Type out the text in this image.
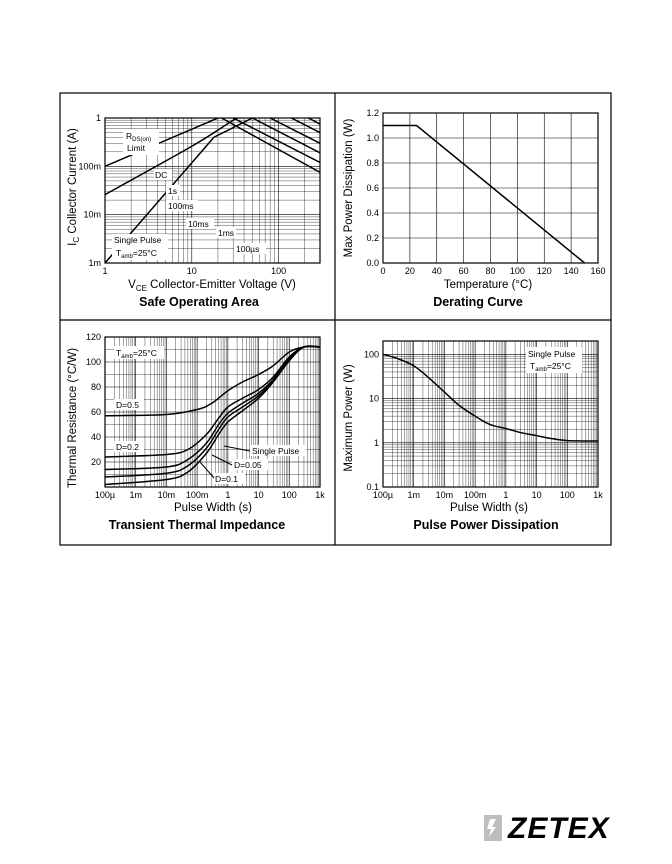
100µ 1m 10m 100m 1	10 100 1k
0.1
1
10
100
100µ 1m 10m 100m 1	10 100 1k
20
40
60
80
100
120
0 20 40 60 80 100 120 140 160
0.0
0.2
0.4
0.6
0.8
1.0
1.2
1	10	100
1m
10m
100m
1
Safe Operating Area
$V_{CE}$ Collector-Emitter Voltage (V)
$I_C$ Collector Current (A)	$R_{DS(on)}$
Limit
DC
1s
100ms
10ms
1ms
100µs
Single Pulse
$T_{amb}=25^\circ C$
Derating Curve
Temperature (°C)
Max Power Dissipation (W)
Transient Thermal Impedance
Pulse Width (s)
Thermal Resistance (°C/W)	$T_{amb}=25^\circ C$
D=0.5
D=0.2	Single Pulse
D=0.05
D=0.1
Pulse Power Dissipation
Pulse Width (s)
Maximum Power (W)
Single Pulse
$T_{amb}=25^\circ C$
ZETEX
